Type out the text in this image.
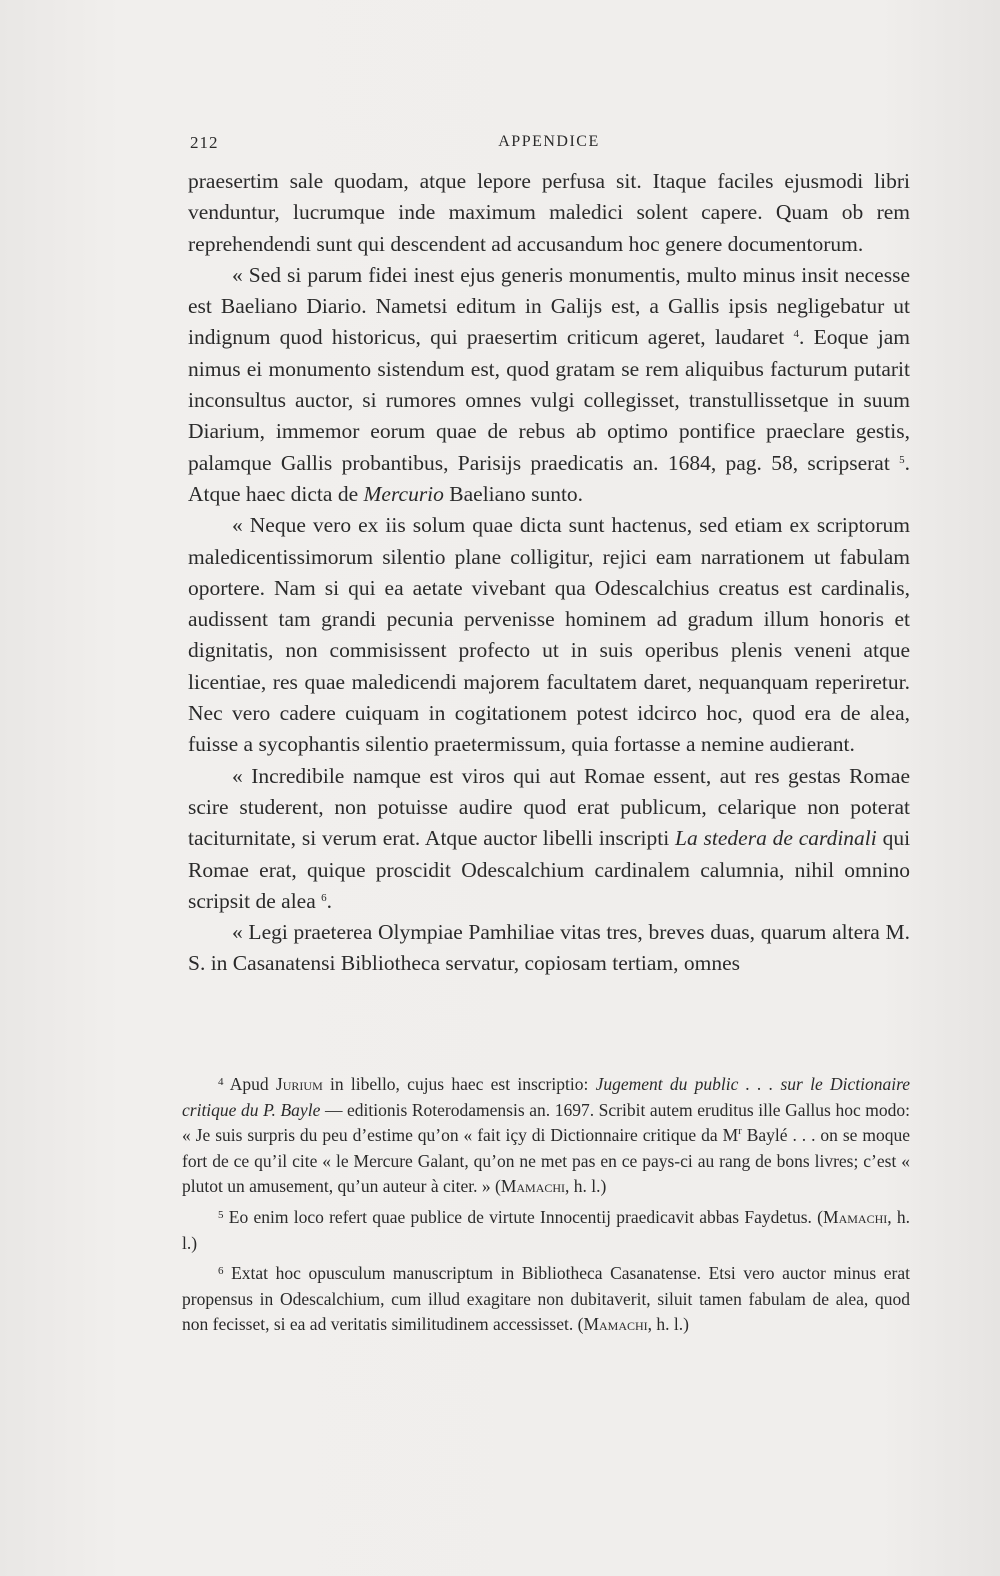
212	APPENDICE

praesertim sale quodam, atque lepore perfusa sit. Itaque faciles ejusmodi libri venduntur, lucrumque inde maximum maledici solent capere. Quam ob rem reprehendendi sunt qui descendent ad accusandum hoc genere documentorum.

« Sed si parum fidei inest ejus generis monumentis, multo minus insit necesse est Baeliano Diario. Nametsi editum in Galijs est, a Gallis ipsis negligebatur ut indignum quod historicus, qui praesertim criticum ageret, laudaret $^4$. Eoque jam nimus ei monumento sistendum est, quod gratam se rem aliquibus facturum putarit inconsultus auctor, si rumores omnes vulgi collegisset, transtullissetque in suum Diarium, immemor eorum quae de rebus ab optimo pontifice praeclare gestis, palamque Gallis probantibus, Parisijs praedicatis an. 1684, pag. 58, scripserat $^5$. Atque haec dicta de Mercurio Baeliano sunto.

« Neque vero ex iis solum quae dicta sunt hactenus, sed etiam ex scriptorum maledicentissimorum silentio plane colligitur, rejici eam narrationem ut fabulam oportere. Nam si qui ea aetate vivebant qua Odescalchius creatus est cardinalis, audissent tam grandi pecunia pervenisse hominem ad gradum illum honoris et dignitatis, non commisissent profecto ut in suis operibus plenis veneni atque licentiae, res quae maledicendi majorem facultatem daret, nequanquam reperiretur. Nec vero cadere cuiquam in cogitationem potest idcirco hoc, quod era de alea, fuisse a sycophantis silentio praetermissum, quia fortasse a nemine audierant.

« Incredibile namque est viros qui aut Romae essent, aut res gestas Romae scire studerent, non potuisse audire quod erat publicum, celarique non poterat taciturnitate, si verum erat. Atque auctor libelli inscripti La stedera de cardinali qui Romae erat, quique proscidit Odescalchium cardinalem calumnia, nihil omnino scripsit de alea $^6$.

« Legi praeterea Olympiae Pamhiliae vitas tres, breves duas, quarum altera M. S. in Casanatensi Bibliotheca servatur, copiosam tertiam, omnes

$^4$ Apud Jurium in libello, cujus haec est inscriptio: Jugement du public . . . sur le Dictionaire critique du P. Bayle — editionis Roterodamensis an. 1697. Scribit autem eruditus ille Gallus hoc modo: « Je suis surpris du peu d’estime qu’on « fait içy di Dictionnaire critique da $M^r$ Baylé . . . on se moque fort de ce qu’il cite « le Mercure Galant, qu’on ne met pas en ce pays-ci au rang de bons livres; c’est « plutot un amusement, qu’un auteur à citer. » (Mamachi, h. l.)

$^5$ Eo enim loco refert quae publice de virtute Innocentij praedicavit abbas Faydetus. (Mamachi, h. l.)

$^6$ Extat hoc opusculum manuscriptum in Bibliotheca Casanatense. Etsi vero auctor minus erat propensus in Odescalchium, cum illud exagitare non dubitaverit, siluit tamen fabulam de alea, quod non fecisset, si ea ad veritatis similitudinem accessisset. (Mamachi, h. l.)
